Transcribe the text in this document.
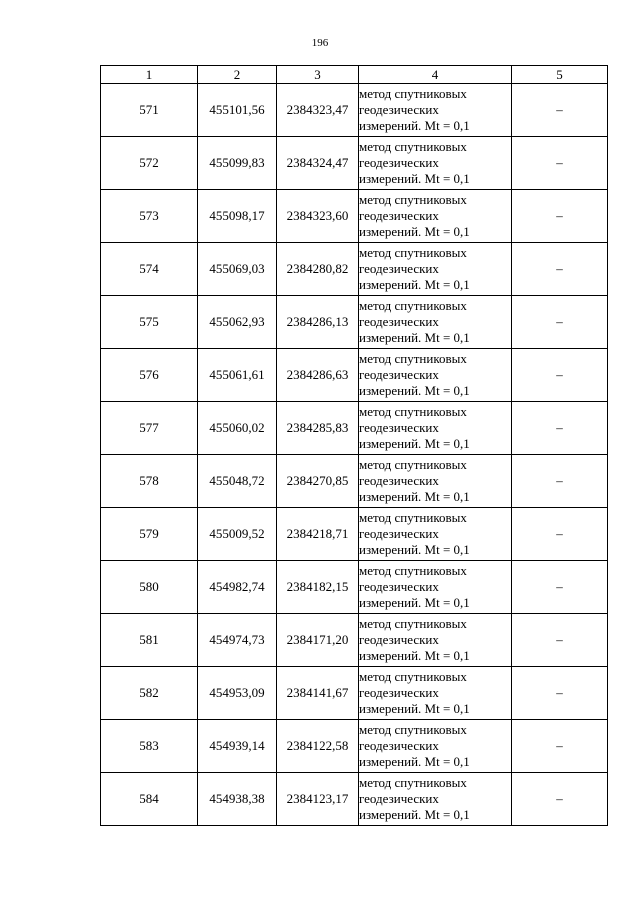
196
1	2	3	4	5
571	455101,56	2384323,47	метод спутниковых
геодезических
измерений. Mt = 0,1	–
572	455099,83	2384324,47	метод спутниковых
геодезических
измерений. Mt = 0,1	–
573	455098,17	2384323,60	метод спутниковых
геодезических
измерений. Mt = 0,1	–
574	455069,03	2384280,82	метод спутниковых
геодезических
измерений. Mt = 0,1	–
575	455062,93	2384286,13	метод спутниковых
геодезических
измерений. Mt = 0,1	–
576	455061,61	2384286,63	метод спутниковых
геодезических
измерений. Mt = 0,1	–
577	455060,02	2384285,83	метод спутниковых
геодезических
измерений. Mt = 0,1	–
578	455048,72	2384270,85	метод спутниковых
геодезических
измерений. Mt = 0,1	–
579	455009,52	2384218,71	метод спутниковых
геодезических
измерений. Mt = 0,1	–
580	454982,74	2384182,15	метод спутниковых
геодезических
измерений. Mt = 0,1	–
581	454974,73	2384171,20	метод спутниковых
геодезических
измерений. Mt = 0,1	–
582	454953,09	2384141,67	метод спутниковых
геодезических
измерений. Mt = 0,1	–
583	454939,14	2384122,58	метод спутниковых
геодезических
измерений. Mt = 0,1	–
584	454938,38	2384123,17	метод спутниковых
геодезических
измерений. Mt = 0,1	–
